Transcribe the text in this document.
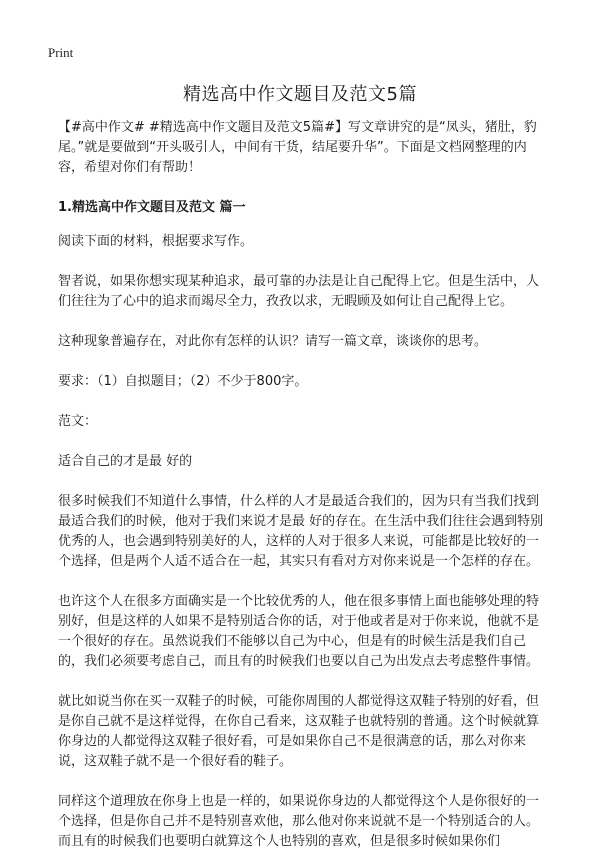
Print
精选高中作文题目及范文5篇

【#高中作文# #精选高中作文题目及范文5篇#】写文章讲究的是“凤头，猪肚，豹尾。”就是要做到“开头吸引人，中间有干货，结尾要升华”。下面是文档网整理的内容，希望对你们有帮助！

1.精选高中作文题目及范文 篇一

阅读下面的材料，根据要求写作。

智者说，如果你想实现某种追求，最可靠的办法是让自己配得上它。但是生活中，人们往往为了心中的追求而竭尽全力，孜孜以求，无暇顾及如何让自己配得上它。

这种现象普遍存在，对此你有怎样的认识？请写一篇文章，谈谈你的思考。

要求：（1）自拟题目；（2）不少于800字。

范文：

适合自己的才是最 好的

很多时候我们不知道什么事情，什么样的人才是最适合我们的，因为只有当我们找到最适合我们的时候，他对于我们来说才是最 好的存在。在生活中我们往往会遇到特别优秀的人，也会遇到特别美好的人，这样的人对于很多人来说，可能都是比较好的一个选择，但是两个人适不适合在一起，其实只有看对方对你来说是一个怎样的存在。

也许这个人在很多方面确实是一个比较优秀的人，他在很多事情上面也能够处理的特别好，但是这样的人如果不是特别适合你的话，对于他或者是对于你来说，他就不是一个很好的存在。虽然说我们不能够以自己为中心，但是有的时候生活是我们自己的，我们必须要考虑自己，而且有的时候我们也要以自己为出发点去考虑整件事情。

就比如说当你在买一双鞋子的时候，可能你周围的人都觉得这双鞋子特别的好看，但是你自己就不是这样觉得，在你自己看来，这双鞋子也就特别的普通。这个时候就算你身边的人都觉得这双鞋子很好看，可是如果你自己不是很满意的话，那么对你来说，这双鞋子就不是一个很好看的鞋子。

同样这个道理放在你身上也是一样的，如果说你身边的人都觉得这个人是你很好的一个选择，但是你自己并不是特别喜欢他，那么他对你来说就不是一个特别适合的人。而且有的时候我们也要明白就算这个人也特别的喜欢，但是很多时候如果你们
